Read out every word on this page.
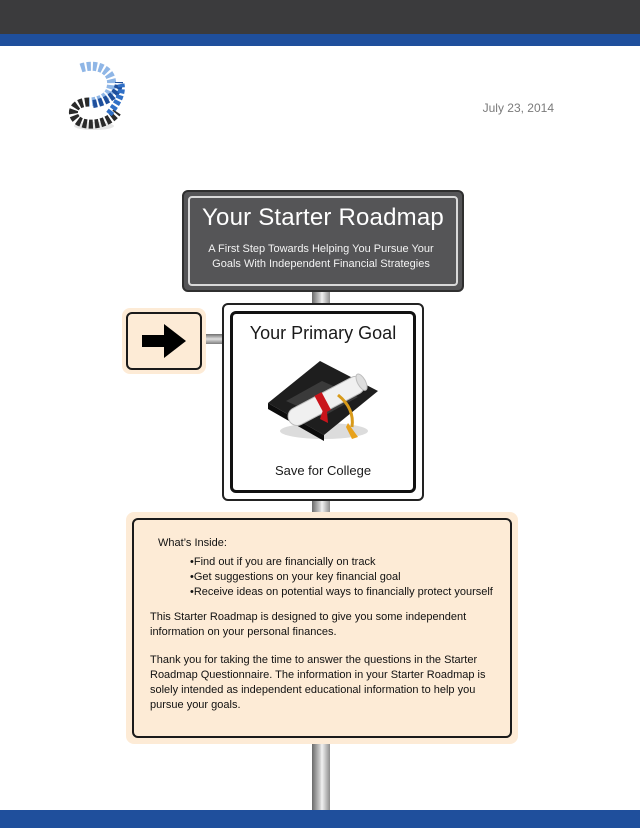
July 23, 2014
Your Starter Roadmap
A First Step Towards Helping You Pursue Your
Goals With Independent Financial Strategies
Your Primary Goal
Save for College
What’s Inside:
• Find out if you are financially on track
• Get suggestions on your key financial goal
• Receive ideas on potential ways to financially protect yourself

This Starter Roadmap is designed to give you some independent information on your personal finances.

Thank you for taking the time to answer the questions in the Starter Roadmap Questionnaire. The information in your Starter Roadmap is solely intended as independent educational information to help you pursue your goals.
